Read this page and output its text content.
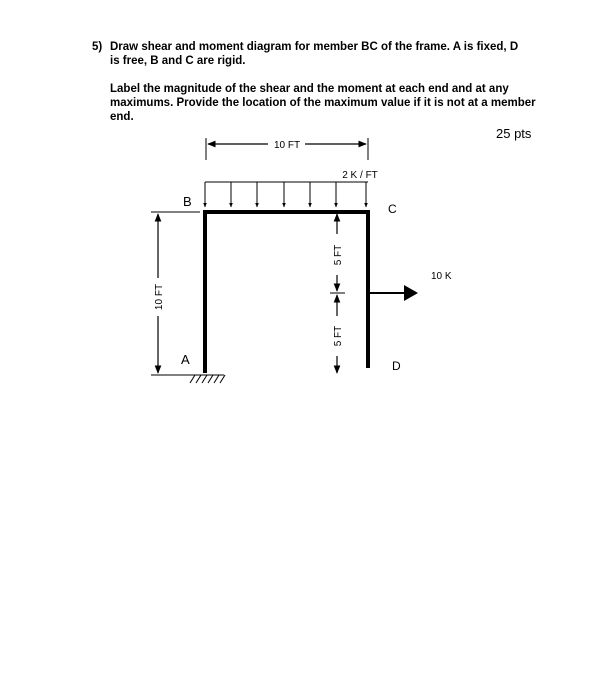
5) Draw shear and moment diagram for member BC of the frame. A is fixed, D is free, B and C are rigid.
Label the magnitude of the shear and the moment at each end and at any maximums. Provide the location of the maximum value if it is not at a member end.
25 pts
10 FT
2 K / FT
10 FT
5 FT
5 FT
10 K
B	C
A	D
